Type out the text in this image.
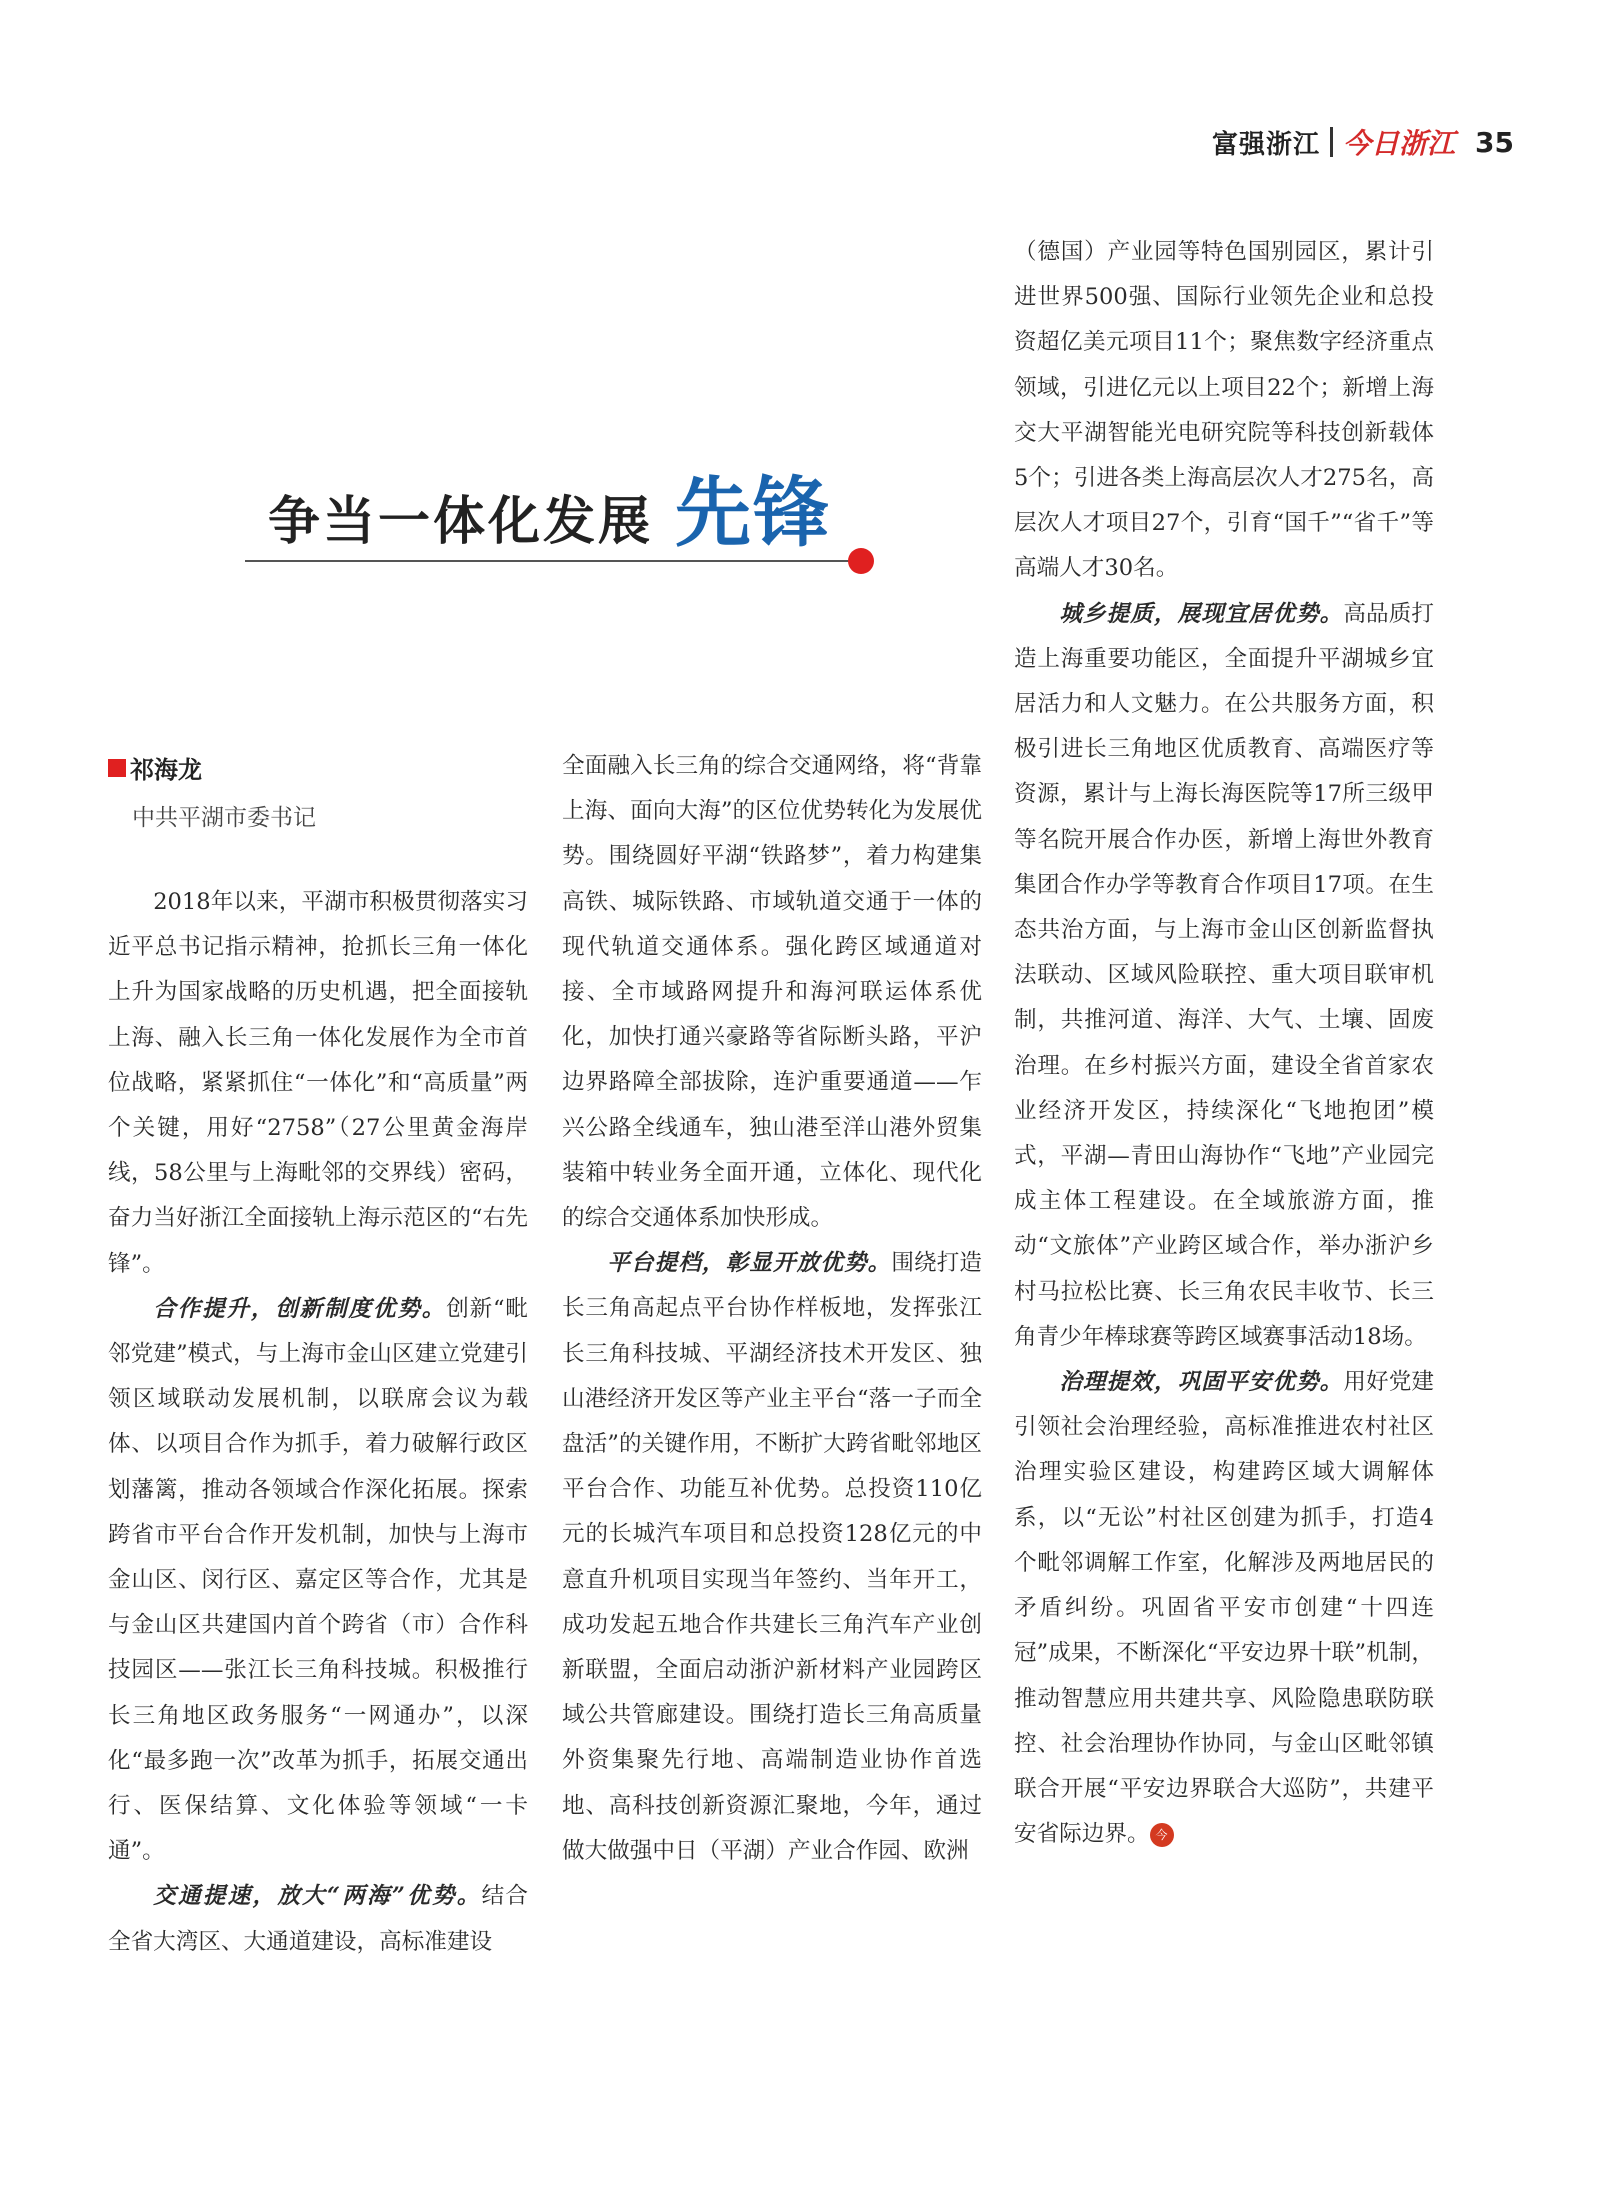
富强浙江 今日浙江 35
争当一体化发展 先锋
祁海龙
中共平湖市委书记

2018年以来，平湖市积极贯彻落实习近平总书记指示精神，抢抓长三角一体化上升为国家战略的历史机遇，把全面接轨上海、融入长三角一体化发展作为全市首位战略，紧紧抓住“一体化”和“高质量”两个关键，用好“2758”（27公里黄金海岸线，58公里与上海毗邻的交界线）密码，奋力当好浙江全面接轨上海示范区的“右先锋”。

合作提升，创新制度优势。创新“毗邻党建”模式，与上海市金山区建立党建引领区域联动发展机制，以联席会议为载体、以项目合作为抓手，着力破解行政区划藩篱，推动各领域合作深化拓展。探索跨省市平台合作开发机制，加快与上海市金山区、闵行区、嘉定区等合作，尤其是与金山区共建国内首个跨省（市）合作科技园区——张江长三角科技城。积极推行长三角地区政务服务“一网通办”，以深化“最多跑一次”改革为抓手，拓展交通出行、医保结算、文化体验等领域“一卡通”。

交通提速，放大“两海”优势。结合全省大湾区、大通道建设，高标准建设

全面融入长三角的综合交通网络，将“背靠上海、面向大海”的区位优势转化为发展优势。围绕圆好平湖“铁路梦”，着力构建集高铁、城际铁路、市域轨道交通于一体的现代轨道交通体系。强化跨区域通道对接、全市域路网提升和海河联运体系优化，加快打通兴豪路等省际断头路，平沪边界路障全部拔除，连沪重要通道——乍兴公路全线通车，独山港至洋山港外贸集装箱中转业务全面开通，立体化、现代化的综合交通体系加快形成。

平台提档，彰显开放优势。围绕打造长三角高起点平台协作样板地，发挥张江长三角科技城、平湖经济技术开发区、独山港经济开发区等产业主平台“落一子而全盘活”的关键作用，不断扩大跨省毗邻地区平台合作、功能互补优势。总投资110亿元的长城汽车项目和总投资128亿元的中意直升机项目实现当年签约、当年开工，成功发起五地合作共建长三角汽车产业创新联盟，全面启动浙沪新材料产业园跨区域公共管廊建设。围绕打造长三角高质量外资集聚先行地、高端制造业协作首选地、高科技创新资源汇聚地，今年，通过做大做强中日（平湖）产业合作园、欧洲

（德国）产业园等特色国别园区，累计引进世界500强、国际行业领先企业和总投资超亿美元项目11个；聚焦数字经济重点领域，引进亿元以上项目22个；新增上海交大平湖智能光电研究院等科技创新载体5个；引进各类上海高层次人才275名，高层次人才项目27个，引育“国千”“省千”等高端人才30名。

城乡提质，展现宜居优势。高品质打造上海重要功能区，全面提升平湖城乡宜居活力和人文魅力。在公共服务方面，积极引进长三角地区优质教育、高端医疗等资源，累计与上海长海医院等17所三级甲等名院开展合作办医，新增上海世外教育集团合作办学等教育合作项目17项。在生态共治方面，与上海市金山区创新监督执法联动、区域风险联控、重大项目联审机制，共推河道、海洋、大气、土壤、固废治理。在乡村振兴方面，建设全省首家农业经济开发区，持续深化“飞地抱团”模式，平湖—青田山海协作“飞地”产业园完成主体工程建设。在全域旅游方面，推动“文旅体”产业跨区域合作，举办浙沪乡村马拉松比赛、长三角农民丰收节、长三角青少年棒球赛等跨区域赛事活动18场。

治理提效，巩固平安优势。用好党建引领社会治理经验，高标准推进农村社区治理实验区建设，构建跨区域大调解体系，以“无讼”村社区创建为抓手，打造4个毗邻调解工作室，化解涉及两地居民的矛盾纠纷。巩固省平安市创建“十四连冠”成果，不断深化“平安边界十联”机制，推动智慧应用共建共享、风险隐患联防联控、社会治理协作协同，与金山区毗邻镇联合开展“平安边界联合大巡防”，共建平安省际边界。 今
